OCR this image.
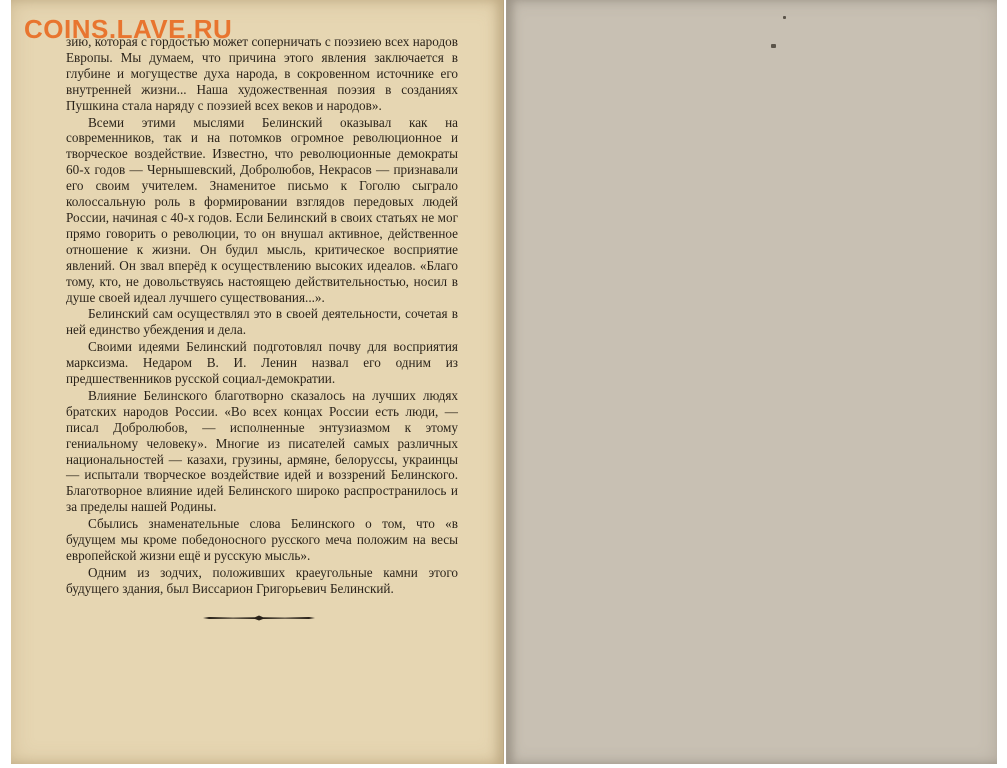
COINS.LAVE.RU

зию, которая с гордостью может соперничать с поэзиею всех народов Европы. Мы думаем, что причина этого явления заключается в глубине и могуществе духа народа, в сокровенном источнике его внутренней жизни... Наша художественная поэзия в созданиях Пушкина стала наряду с поэзией всех веков и народов».

Всеми этими мыслями Белинский оказывал как на современников, так и на потомков огромное революционное и творческое воздействие. Известно, что революционные демократы 60-х годов — Чернышевский, Добролюбов, Некрасов — признавали его своим учителем. Знаменитое письмо к Гоголю сыграло колоссальную роль в формировании взглядов передовых людей России, начиная с 40-х годов. Если Белинский в своих статьях не мог прямо говорить о революции, то он внушал активное, действенное отношение к жизни. Он будил мысль, критическое восприятие явлений. Он звал вперёд к осуществлению высоких идеалов. «Благо тому, кто, не довольствуясь настоящею действительностью, носил в душе своей идеал лучшего существования...».

Белинский сам осуществлял это в своей деятельности, сочетая в ней единство убеждения и дела.

Своими идеями Белинский подготовлял почву для восприятия марксизма. Недаром В. И. Ленин назвал его одним из предшественников русской социал-демократии.

Влияние Белинского благотворно сказалось на лучших людях братских народов России. «Во всех концах России есть люди, — писал Добролюбов, — исполненные энтузиазмом к этому гениальному человеку». Многие из писателей самых различных национальностей — казахи, грузины, армяне, белоруссы, украинцы — испытали творческое воздействие идей и воззрений Белинского. Благотворное влияние идей Белинского широко распространилось и за пределы нашей Родины.

Сбылись знаменательные слова Белинского о том, что «в будущем мы кроме победоносного русского меча положим на весы европейской жизни ещё и русскую мысль».

Одним из зодчих, положивших краеугольные камни этого будущего здания, был Виссарион Григорьевич Белинский.
